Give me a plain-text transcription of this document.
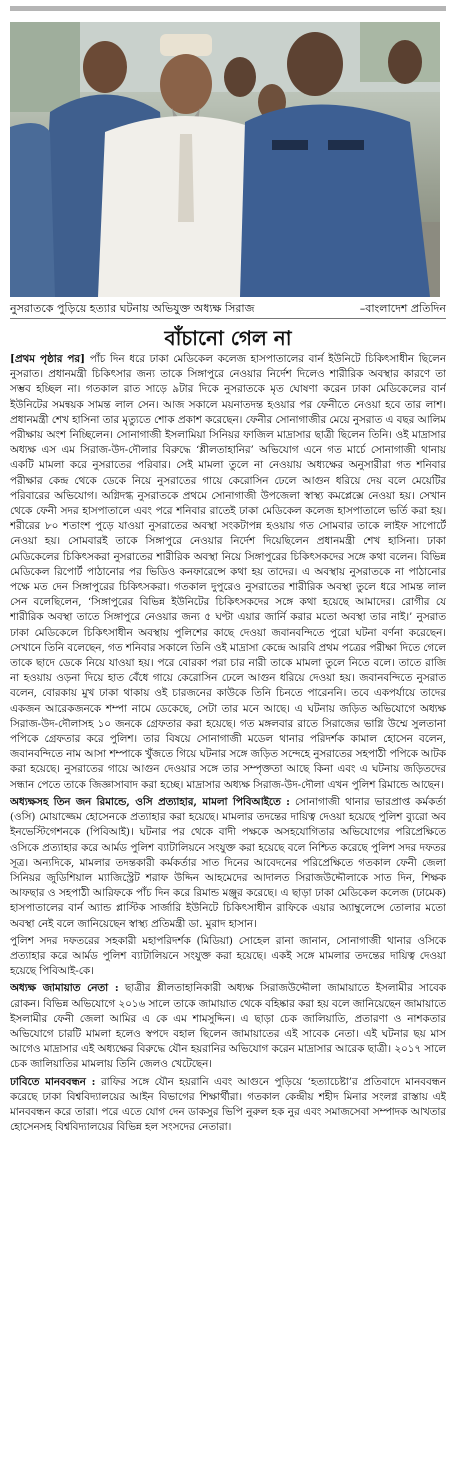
নুসরাতকে পুড়িয়ে হত্যার ঘটনায় অভিযুক্ত অধ্যক্ষ সিরাজ	–বাংলাদেশ প্রতিদিন
বাঁচানো গেল না

[প্রথম পৃষ্ঠার পর] পাঁচ দিন ধরে ঢাকা মেডিকেল কলেজ হাসপাতালের বার্ন ইউনিটে চিকিৎসাধীন ছিলেন নুসরাত। প্রধানমন্ত্রী চিকিৎসার জন্য তাকে সিঙ্গাপুরে নেওয়ার নির্দেশ দিলেও শারীরিক অবস্থার কারণে তা সম্ভব হচ্ছিল না। গতকাল রাত সাড়ে ৯টার দিকে নুসরাতকে মৃত ঘোষণা করেন ঢাকা মেডিকেলের বার্ন ইউনিটের সমন্বয়ক সামন্ত লাল সেন। আজ সকালে ময়নাতদন্ত হওয়ার পর ফেনীতে নেওয়া হবে তার লাশ। প্রধানমন্ত্রী শেখ হাসিনা তার মৃত্যুতে শোক প্রকাশ করেছেন। ফেনীর সোনাগাজীর মেয়ে নুসরাত এ বছর আলিম পরীক্ষায় অংশ নিচ্ছিলেন। সোনাগাজী ইসলামিয়া সিনিয়র ফাজিল মাদ্রাসার ছাত্রী ছিলেন তিনি। ওই মাদ্রাসার অধ্যক্ষ এস এম সিরাজ-উদ-দৌলার বিরুদ্ধে ‘শ্লীলতাহানির’ অভিযোগ এনে গত মার্চে সোনাগাজী থানায় একটি মামলা করে নুসরাতের পরিবার। সেই মামলা তুলে না নেওয়ায় অধ্যক্ষের অনুসারীরা গত শনিবার পরীক্ষার কেন্দ্র থেকে ডেকে নিয়ে নুসরাতের গায়ে কেরোসিন ঢেলে আগুন ধরিয়ে দেয় বলে মেয়েটির পরিবারের অভিযোগ। অগ্নিদগ্ধ নুসরাতকে প্রথমে সোনাগাজী উপজেলা স্বাস্থ্য কমপ্লেক্সে নেওয়া হয়। সেখান থেকে ফেনী সদর হাসপাতালে এবং পরে শনিবার রাতেই ঢাকা মেডিকেল কলেজ হাসপাতালে ভর্তি করা হয়। শরীরের ৮০ শতাংশ পুড়ে যাওয়া নুসরাতের অবস্থা সংকটাপন্ন হওয়ায় গত সোমবার তাকে লাইফ সাপোর্টে নেওয়া হয়। সোমবারই তাকে সিঙ্গাপুরে নেওয়ার নির্দেশ দিয়েছিলেন প্রধানমন্ত্রী শেখ হাসিনা। ঢাকা মেডিকেলের চিকিৎসকরা নুসরাতের শারীরিক অবস্থা নিয়ে সিঙ্গাপুরের চিকিৎসকদের সঙ্গে কথা বলেন। বিভিন্ন মেডিকেল রিপোর্ট পাঠানোর পর ভিডিও কনফারেন্সে কথা হয় তাদের। এ অবস্থায় নুসরাতকে না পাঠানোর পক্ষে মত দেন সিঙ্গাপুরের চিকিৎসকরা। গতকাল দুপুরেও নুসরাতের শারীরিক অবস্থা তুলে ধরে সামন্ত লাল সেন বলেছিলেন, ‘সিঙ্গাপুরের বিভিন্ন ইউনিটের চিকিৎসকদের সঙ্গে কথা হয়েছে আমাদের। রোগীর যে শারীরিক অবস্থা তাতে সিঙ্গাপুরে নেওয়ার জন্য ৫ ঘণ্টা এয়ার জার্নি করার মতো অবস্থা তার নাই।’ নুসরাত ঢাকা মেডিকেলে চিকিৎসাধীন অবস্থায় পুলিশের কাছে দেওয়া জবানবন্দিতে পুরো ঘটনা বর্ণনা করেছেন। সেখানে তিনি বলেছেন, গত শনিবার সকালে তিনি ওই মাদ্রাসা কেন্দ্রে আরবি প্রথম পত্রের পরীক্ষা দিতে গেলে তাকে ছাদে ডেকে নিয়ে যাওয়া হয়। পরে বোরকা পরা চার নারী তাকে মামলা তুলে নিতে বলে। তাতে রাজি না হওয়ায় ওড়না দিয়ে হাত বেঁধে গায়ে কেরোসিন ঢেলে আগুন ধরিয়ে দেওয়া হয়। জবানবন্দিতে নুসরাত বলেন, বোরকায় মুখ ঢাকা থাকায় ওই চারজনের কাউকে তিনি চিনতে পারেননি। তবে একপর্যায়ে তাদের একজন আরেকজনকে শম্পা নামে ডেকেছে, সেটা তার মনে আছে। এ ঘটনায় জড়িত অভিযোগে অধ্যক্ষ সিরাজ-উদ-দৌলাসহ ১০ জনকে গ্রেফতার করা হয়েছে। গত মঙ্গলবার রাতে সিরাজের ভাগ্নি উম্মে সুলতানা পপিকে গ্রেফতার করে পুলিশ। তার বিষয়ে সোনাগাজী মডেল থানার পরিদর্শক কামাল হোসেন বলেন, জবানবন্দিতে নাম আসা শম্পাকে খুঁজতে গিয়ে ঘটনার সঙ্গে জড়িত সন্দেহে নুসরাতের সহপাঠী পপিকে আটক করা হয়েছে। নুসরাতের গায়ে আগুন দেওয়ার সঙ্গে তার সম্পৃক্ততা আছে কিনা এবং এ ঘটনায় জড়িতদের সন্ধান পেতে তাকে জিজ্ঞাসাবাদ করা হচ্ছে। মাদ্রাসার অধ্যক্ষ সিরাজ-উদ-দৌলা এখন পুলিশ রিমান্ডে আছেন।

অধ্যক্ষসহ তিন জন রিমান্ডে, ওসি প্রত্যাহার, মামলা পিবিআইতে : সোনাগাজী থানার ভারপ্রাপ্ত কর্মকর্তা (ওসি) মোয়াজ্জেম হোসেনকে প্রত্যাহার করা হয়েছে। মামলার তদন্তের দায়িত্ব দেওয়া হয়েছে পুলিশ ব্যুরো অব ইনভেস্টিগেশনকে (পিবিআই)। ঘটনার পর থেকে বাদী পক্ষকে অসহযোগিতার অভিযোগের পরিপ্রেক্ষিতে ওসিকে প্রত্যাহার করে আর্মড পুলিশ ব্যাটালিয়নে সংযুক্ত করা হয়েছে বলে নিশ্চিত করেছে পুলিশ সদর দফতর সূত্র। অন্যদিকে, মামলার তদন্তকারী কর্মকর্তার সাত দিনের আবেদনের পরিপ্রেক্ষিতে গতকাল ফেনী জেলা সিনিয়র জুডিশিয়াল ম্যাজিস্ট্রেট শরাফ উদ্দিন আহমেদের আদালত সিরাজউদ্দৌলাকে সাত দিন, শিক্ষক আফছার ও সহপাঠী আরিফকে পাঁচ দিন করে রিমান্ড মঞ্জুর করেছে। এ ছাড়া ঢাকা মেডিকেল কলেজ (ঢামেক) হাসপাতালের বার্ন অ্যান্ড প্লাস্টিক সার্জারি ইউনিটে চিকিৎসাধীন রাফিকে এয়ার অ্যাম্বুলেন্সে তোলার মতো অবস্থা নেই বলে জানিয়েছেন স্বাস্থ্য প্রতিমন্ত্রী ডা. মুরাদ হাসান।

পুলিশ সদর দফতরের সহকারী মহাপরিদর্শক (মিডিয়া) সোহেল রানা জানান, সোনাগাজী থানার ওসিকে প্রত্যাহার করে আর্মড পুলিশ ব্যাটালিয়নে সংযুক্ত করা হয়েছে। একই সঙ্গে মামলার তদন্তের দায়িত্ব দেওয়া হয়েছে পিবিআই-কে।

অধ্যক্ষ জামায়াত নেতা : ছাত্রীর শ্লীলতাহানিকারী অধ্যক্ষ সিরাজউদ্দৌলা জামায়াতে ইসলামীর সাবেক রোকন। বিভিন্ন অভিযোগে ২০১৬ সালে তাকে জামায়াত থেকে বহিষ্কার করা হয় বলে জানিয়েছেন জামায়াতে ইসলামীর ফেনী জেলা আমির এ কে এম শামসুদ্দিন। এ ছাড়া চেক জালিয়াতি, প্রতারণা ও নাশকতার অভিযোগে চারটি মামলা হলেও স্বপদে বহাল ছিলেন জামায়াতের এই সাবেক নেতা। এই ঘটনার ছয় মাস আগেও মাদ্রাসার এই অধ্যক্ষের বিরুদ্ধে যৌন হয়রানির অভিযোগ করেন মাদ্রাসার আরেক ছাত্রী। ২০১৭ সালে চেক জালিয়াতির মামলায় তিনি জেলও খেটেছেন।

ঢাবিতে মানববন্ধন : রাফির সঙ্গে যৌন হয়রানি এবং আগুনে পুড়িয়ে ‘হত্যাচেষ্টা’র প্রতিবাদে মানববন্ধন করেছে ঢাকা বিশ্ববিদ্যালয়ের আইন বিভাগের শিক্ষার্থীরা। গতকাল কেন্দ্রীয় শহীদ মিনার সংলগ্ন রাস্তায় এই মানববন্ধন করে তারা। পরে এতে যোগ দেন ডাকসুর ভিপি নুরুল হক নুর এবং সমাজসেবা সম্পাদক আখতার হোসেনসহ বিশ্ববিদ্যালয়ের বিভিন্ন হল সংসদের নেতারা।
